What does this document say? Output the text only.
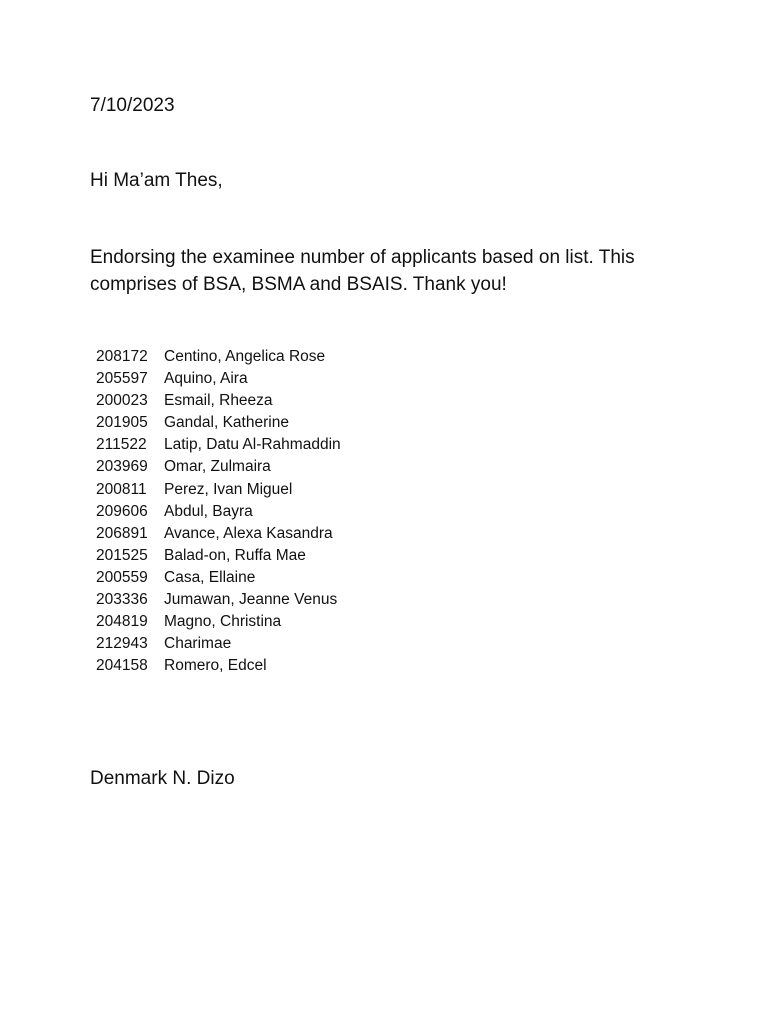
7/10/2023
Hi Ma’am Thes,
Endorsing the examinee number of applicants based on list. This comprises of BSA, BSMA and BSAIS. Thank you!
208172	Centino, Angelica Rose
205597	Aquino, Aira
200023	Esmail, Rheeza
201905	Gandal, Katherine
211522	Latip, Datu Al-Rahmaddin
203969	Omar, Zulmaira
200811	Perez, Ivan Miguel
209606	Abdul, Bayra
206891	Avance, Alexa Kasandra
201525	Balad-on, Ruffa Mae
200559	Casa, Ellaine
203336	Jumawan, Jeanne Venus
204819	Magno, Christina
212943	Charimae
204158	Romero, Edcel
Denmark N. Dizo
